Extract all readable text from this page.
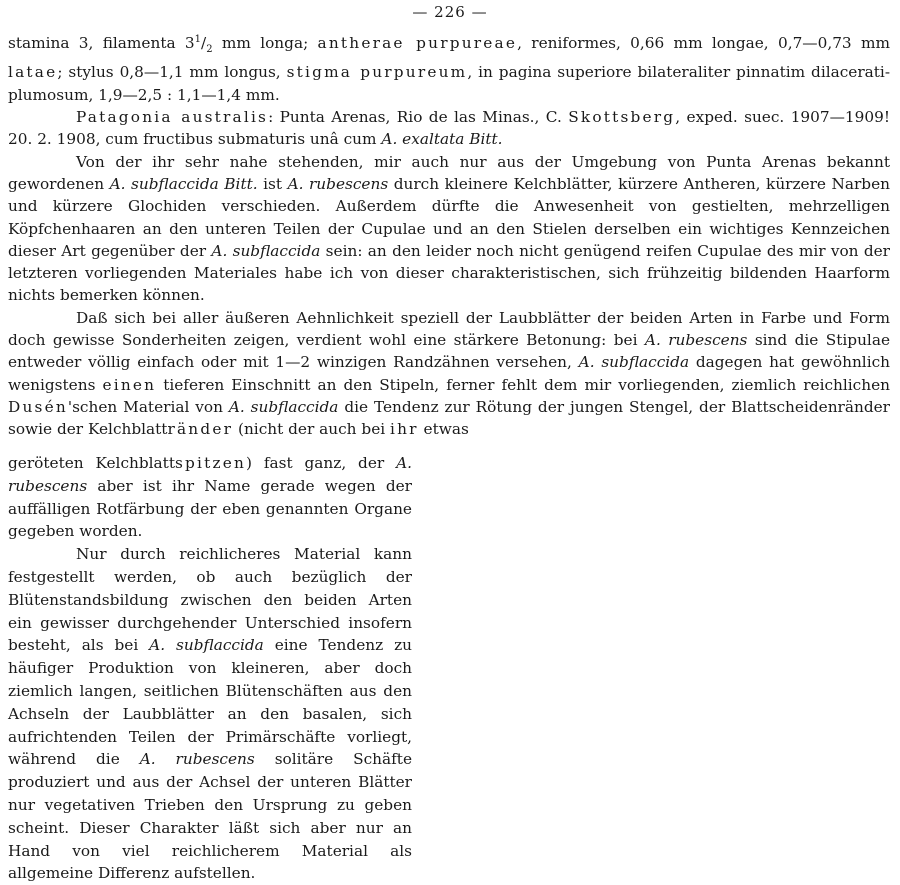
— 226 —

stamina 3, filamenta $3^1/_2$ mm longa; antherae purpureae, reniformes, 0,66 mm longae, 0,7—0,73 mm latae; stylus 0,8—1,1 mm longus, stigma purpureum, in pagina superiore bilateraliter pinnatim dilacerati-plumosum, 1,9—2,5 : 1,1—1,4 mm.

Patagonia australis: Punta Arenas, Rio de las Minas., C. Skottsberg, exped. suec. 1907—1909! 20. 2. 1908, cum fructibus submaturis unâ cum A. exaltata Bitt.

Von der ihr sehr nahe stehenden, mir auch nur aus der Umgebung von Punta Arenas bekannt gewordenen A. subflaccida Bitt. ist A. rubescens durch kleinere Kelchblätter, kürzere Antheren, kürzere Narben und kürzere Glochiden verschieden. Außerdem dürfte die Anwesenheit von gestielten, mehrzelligen Köpfchenhaaren an den unteren Teilen der Cupulae und an den Stielen derselben ein wichtiges Kennzeichen dieser Art gegenüber der A. subflaccida sein: an den leider noch nicht genügend reifen Cupulae des mir von der letzteren vorliegenden Materiales habe ich von dieser charakteristischen, sich frühzeitig bildenden Haarform nichts bemerken können.

Daß sich bei aller äußeren Aehnlichkeit speziell der Laubblätter der beiden Arten in Farbe und Form doch gewisse Sonderheiten zeigen, verdient wohl eine stärkere Betonung: bei A. rubescens sind die Stipulae entweder völlig einfach oder mit 1—2 winzigen Randzähnen versehen, A. subflaccida dagegen hat gewöhnlich wenigstens einen tieferen Einschnitt an den Stipeln, ferner fehlt dem mir vorliegenden, ziemlich reichlichen Dusén'schen Material von A. subflaccida die Tendenz zur Rötung der jungen Stengel, der Blattscheidenränder sowie der Kelchblattränder (nicht der auch bei ihr etwas

geröteten Kelchblattspitzen) fast ganz, der A. rubescens aber ist ihr Name gerade wegen der auffälligen Rotfärbung der eben genannten Organe gegeben worden.

Nur durch reichlicheres Material kann festgestellt werden, ob auch bezüglich der Blütenstandsbildung zwischen den beiden Arten ein gewisser durchgehender Unterschied insofern besteht, als bei A. subflaccida eine Tendenz zu häufiger Produktion von kleineren, aber doch ziemlich langen, seitlichen Blütenschäften aus den Achseln der Laubblätter an den basalen, sich aufrichtenden Teilen der Primärschäfte vorliegt, während die A. rubescens solitäre Schäfte produziert und aus der Achsel der unteren Blätter nur vegetativen Trieben den Ursprung zu geben scheint. Dieser Charakter läßt sich aber nur an Hand von viel reichlicherem Material als allgemeine Differenz aufstellen.
